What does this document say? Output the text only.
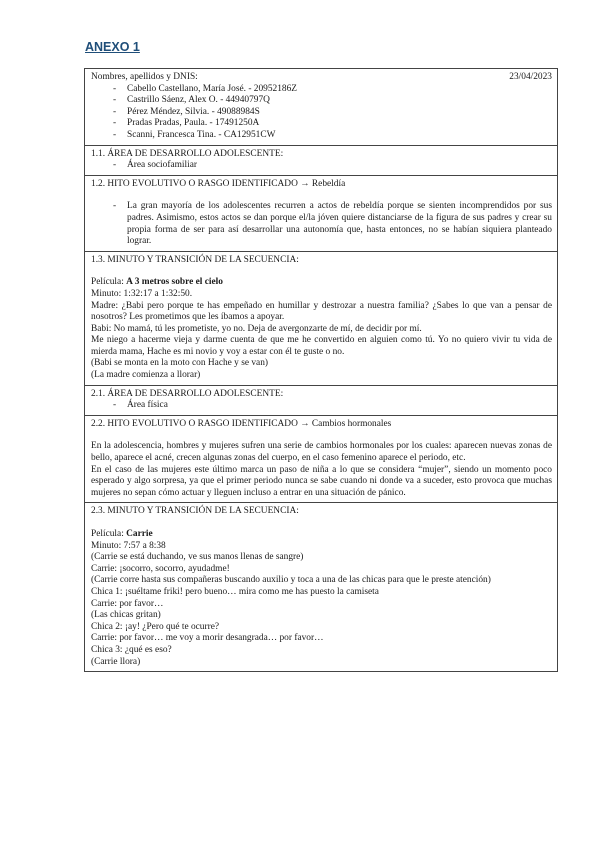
ANEXO 1
Nombres, apellidos y DNIS:	23/04/2023
- Cabello Castellano, María José. - 20952186Z
- Castrillo Sáenz, Alex O. - 44940797Q
- Pérez Méndez, Silvia. - 49088984S
- Pradas Pradas, Paula. - 17491250A
- Scanni, Francesca Tina. - CA12951CW
1.1. ÁREA DE DESARROLLO ADOLESCENTE:
- Área sociofamiliar
1.2. HITO EVOLUTIVO O RASGO IDENTIFICADO → Rebeldía
- La gran mayoría de los adolescentes recurren a actos de rebeldía porque se sienten incomprendidos por sus padres. Asimismo, estos actos se dan porque el/la jóven quiere distanciarse de la figura de sus padres y crear su propia forma de ser para así desarrollar una autonomía que, hasta entonces, no se habían siquiera planteado lograr.
1.3. MINUTO Y TRANSICIÓN DE LA SECUENCIA:
Película: A 3 metros sobre el cielo

Minuto: 1:32:17 a 1:32:50.

Madre: ¿Babi pero porque te has empeñado en humillar y destrozar a nuestra familia? ¿Sabes lo que van a pensar de nosotros? Les prometimos que les íbamos a apoyar.

Babi: No mamá, tú les prometiste, yo no. Deja de avergonzarte de mí, de decidir por mí.

Me niego a hacerme vieja y darme cuenta de que me he convertido en alguien como tú. Yo no quiero vivir tu vida de mierda mama, Hache es mi novio y voy a estar con él te guste o no.

(Babi se monta en la moto con Hache y se van)

(La madre comienza a llorar)

2.1. ÁREA DE DESARROLLO ADOLESCENTE:
- Área física
2.2. HITO EVOLUTIVO O RASGO IDENTIFICADO → Cambios hormonales

En la adolescencia, hombres y mujeres sufren una serie de cambios hormonales por los cuales: aparecen nuevas zonas de bello, aparece el acné, crecen algunas zonas del cuerpo, en el caso femenino aparece el periodo, etc.

En el caso de las mujeres este último marca un paso de niña a lo que se considera “mujer”, siendo un momento poco esperado y algo sorpresa, ya que el primer periodo nunca se sabe cuando ni donde va a suceder, esto provoca que muchas mujeres no sepan cómo actuar y lleguen incluso a entrar en una situación de pánico.

2.3. MINUTO Y TRANSICIÓN DE LA SECUENCIA:
Película: Carrie

Minuto: 7:57 a 8:38

(Carrie se está duchando, ve sus manos llenas de sangre)

Carrie: ¡socorro, socorro, ayudadme!

(Carrie corre hasta sus compañeras buscando auxilio y toca a una de las chicas para que le preste atención)

Chica 1: ¡suéltame friki! pero bueno… mira como me has puesto la camiseta

Carrie: por favor…

(Las chicas gritan)

Chica 2: ¡ay! ¿Pero qué te ocurre?

Carrie: por favor… me voy a morir desangrada… por favor…

Chica 3: ¿qué es eso?

(Carrie llora)
